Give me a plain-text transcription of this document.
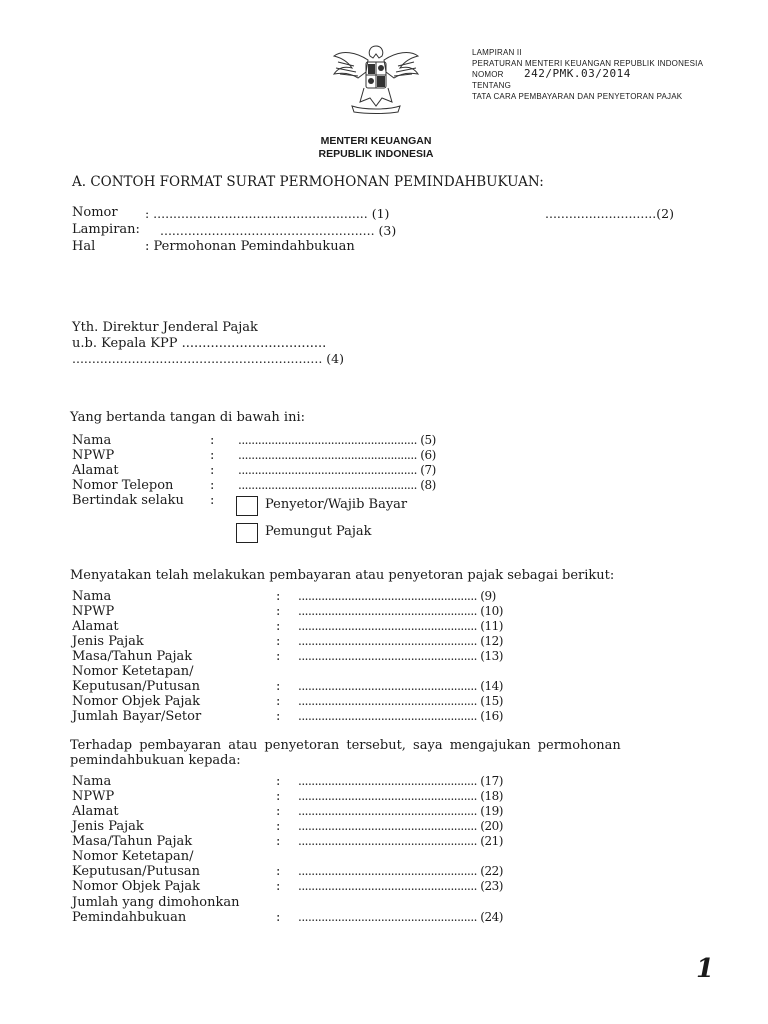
LAMPIRAN II
PERATURAN MENTERI KEUANGAN REPUBLIK INDONESIA
NOMOR 242/PMK.03/2014
TENTANG
TATA CARA PEMBAYARAN DAN PENYETORAN PAJAK
MENTERI KEUANGAN
REPUBLIK INDONESIA
A. CONTOH FORMAT SURAT PERMOHONAN PEMINDAHBUKUAN:
Nomor : ...................................................... (1)	............................(2)
Lampiran: ...................................................... (3)
Hal	: Permohonan Pemindahbukuan
Yth. Direktur Jenderal Pajak
u.b. Kepala KPP ...................................
............................................................... (4)
Yang bertanda tangan di bawah ini:
Nama	: ...................................................... (5)
NPWP	: ...................................................... (6)
Alamat	: ...................................................... (7)
Nomor Telepon	: ...................................................... (8)
Bertindak selaku :	Penyetor/Wajib Bayar
Pemungut Pajak
Menyatakan telah melakukan pembayaran atau penyetoran pajak sebagai berikut:
Nama	: ...................................................... (9)
NPWP	: ...................................................... (10)
Alamat	: ...................................................... (11)
Jenis Pajak	: ...................................................... (12)
Masa/Tahun Pajak	: ...................................................... (13)
Nomor Ketetapan/
Keputusan/Putusan	: ...................................................... (14)
Nomor Objek Pajak	: ...................................................... (15)
Jumlah Bayar/Setor	: ...................................................... (16)
Terhadap pembayaran atau penyetoran tersebut, saya mengajukan permohonan
pemindahbukuan kepada:
Nama	: ...................................................... (17)
NPWP	: ...................................................... (18)
Alamat	: ...................................................... (19)
Jenis Pajak	: ...................................................... (20)
Masa/Tahun Pajak	: ...................................................... (21)
Nomor Ketetapan/
Keputusan/Putusan	: ...................................................... (22)
Nomor Objek Pajak	: ...................................................... (23)
Jumlah yang dimohonkan
Pemindahbukuan	: ...................................................... (24)
1
